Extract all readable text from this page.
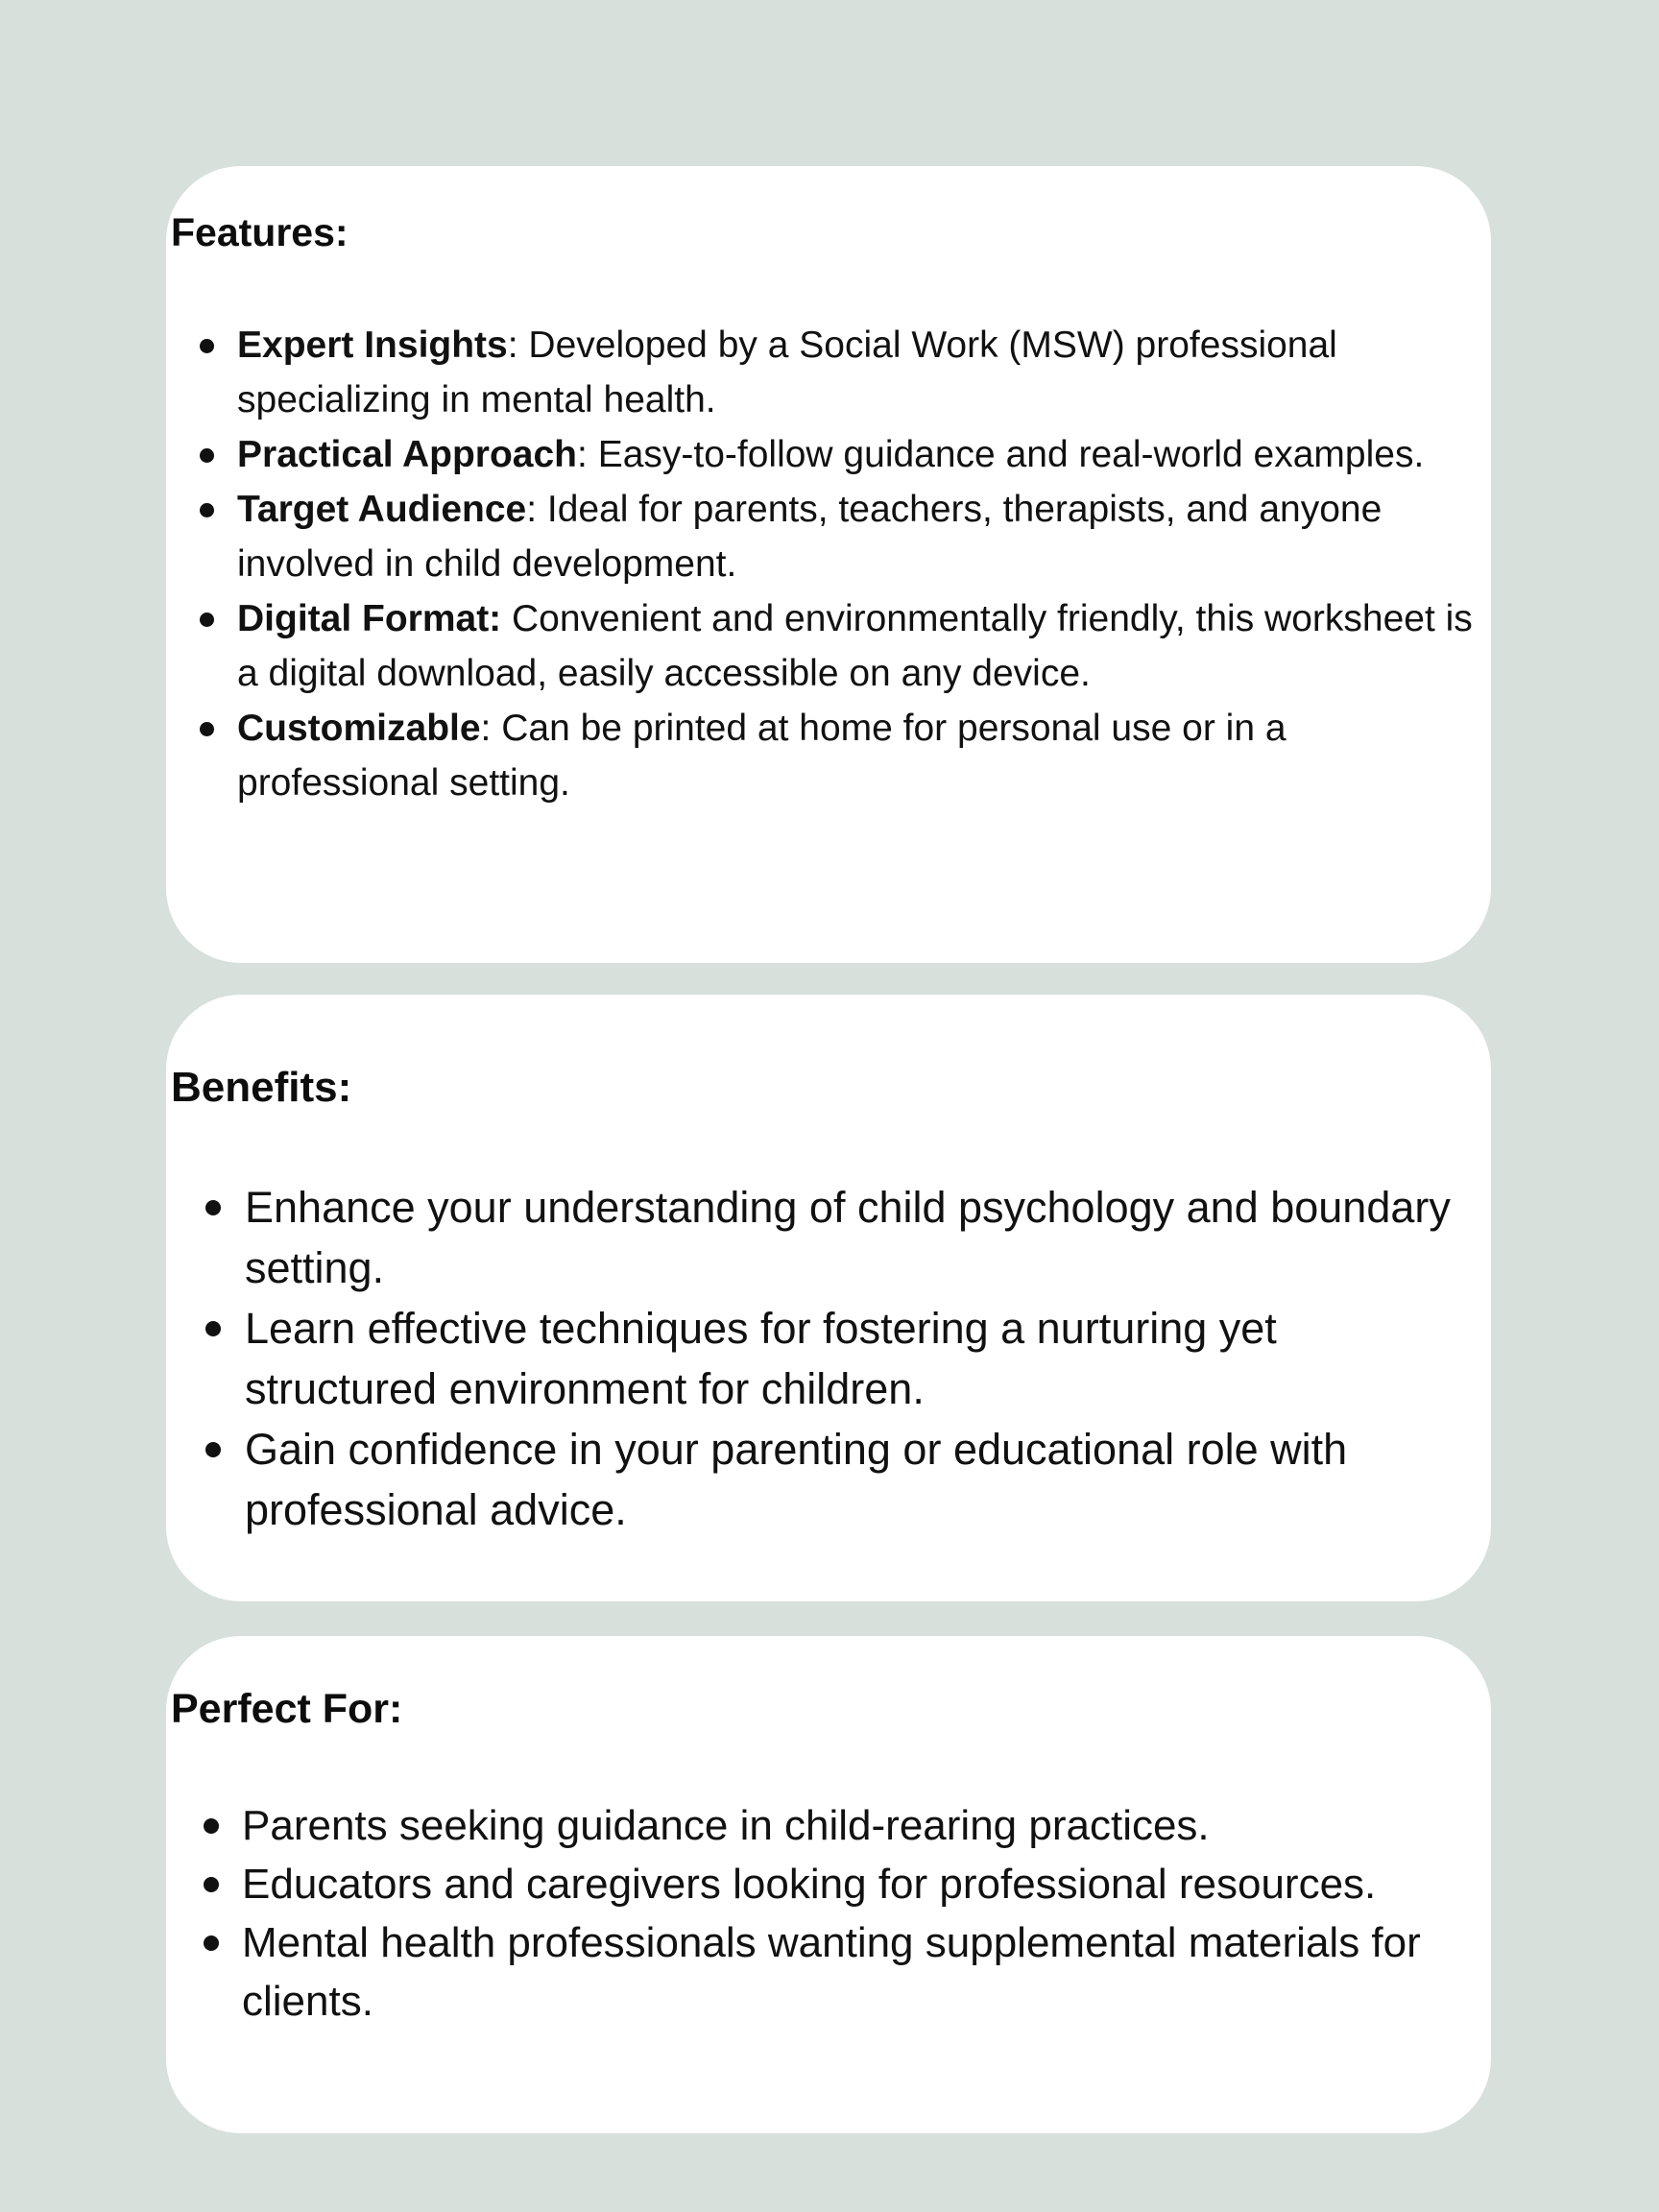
Features:
Expert Insights: Developed by a Social Work (MSW) professional specializing in mental health.
Practical Approach: Easy-to-follow guidance and real-world examples.
Target Audience: Ideal for parents, teachers, therapists, and anyone involved in child development.
Digital Format: Convenient and environmentally friendly, this worksheet is a digital download, easily accessible on any device.
Customizable: Can be printed at home for personal use or in a professional setting.
Benefits:
Enhance your understanding of child psychology and boundary setting.
Learn effective techniques for fostering a nurturing yet structured environment for children.
Gain confidence in your parenting or educational role with professional advice.
Perfect For:
Parents seeking guidance in child-rearing practices.
Educators and caregivers looking for professional resources.
Mental health professionals wanting supplemental materials for clients.
